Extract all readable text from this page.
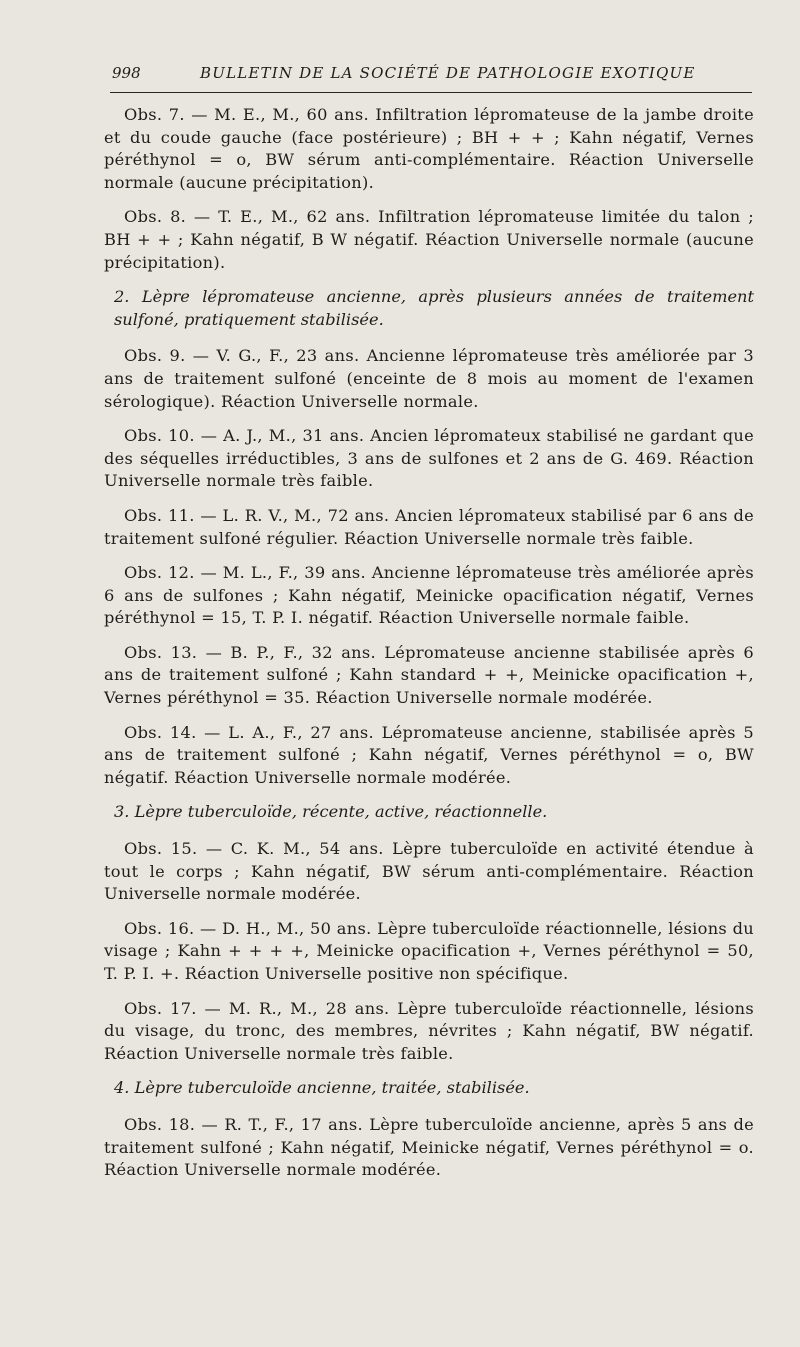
998	BULLETIN DE LA SOCIÉTÉ DE PATHOLOGIE EXOTIQUE

Obs. 7. — M. E., M., 60 ans. Infiltration lépromateuse de la jambe droite et du coude gauche (face postérieure) ; BH + + ; Kahn négatif, Vernes péréthynol = o, BW sérum anti-complémentaire. Réaction Universelle normale (aucune précipitation).

Obs. 8. — T. E., M., 62 ans. Infiltration lépromateuse limitée du talon ; BH + + ; Kahn négatif, B W négatif. Réaction Universelle normale (aucune précipitation).

2. Lèpre lépromateuse ancienne, après plusieurs années de traitement sulfoné, pratiquement stabilisée.

Obs. 9. — V. G., F., 23 ans. Ancienne lépromateuse très améliorée par 3 ans de traitement sulfoné (enceinte de 8 mois au moment de l'examen sérologique). Réaction Universelle normale.

Obs. 10. — A. J., M., 31 ans. Ancien lépromateux stabilisé ne gardant que des séquelles irréductibles, 3 ans de sulfones et 2 ans de G. 469. Réaction Universelle normale très faible.

Obs. 11. — L. R. V., M., 72 ans. Ancien lépromateux stabilisé par 6 ans de traitement sulfoné régulier. Réaction Universelle normale très faible.

Obs. 12. — M. L., F., 39 ans. Ancienne lépromateuse très améliorée après 6 ans de sulfones ; Kahn négatif, Meinicke opacification négatif, Vernes péréthynol = 15, T. P. I. négatif. Réaction Universelle normale faible.

Obs. 13. — B. P., F., 32 ans. Lépromateuse ancienne stabilisée après 6 ans de traitement sulfoné ; Kahn standard + +, Meinicke opacification +, Vernes péréthynol = 35. Réaction Universelle normale modérée.

Obs. 14. — L. A., F., 27 ans. Lépromateuse ancienne, stabilisée après 5 ans de traitement sulfoné ; Kahn négatif, Vernes péréthynol = o, BW négatif. Réaction Universelle normale modérée.

3. Lèpre tuberculoïde, récente, active, réactionnelle.

Obs. 15. — C. K. M., 54 ans. Lèpre tuberculoïde en activité étendue à tout le corps ; Kahn négatif, BW sérum anti-complémentaire. Réaction Universelle normale modérée.

Obs. 16. — D. H., M., 50 ans. Lèpre tuberculoïde réactionnelle, lésions du visage ; Kahn + + + +, Meinicke opacification +, Vernes péréthynol = 50, T. P. I. +. Réaction Universelle positive non spécifique.

Obs. 17. — M. R., M., 28 ans. Lèpre tuberculoïde réactionnelle, lésions du visage, du tronc, des membres, névrites ; Kahn négatif, BW négatif. Réaction Universelle normale très faible.

4. Lèpre tuberculoïde ancienne, traitée, stabilisée.

Obs. 18. — R. T., F., 17 ans. Lèpre tuberculoïde ancienne, après 5 ans de traitement sulfoné ; Kahn négatif, Meinicke négatif, Vernes péréthynol = o. Réaction Universelle normale modérée.
